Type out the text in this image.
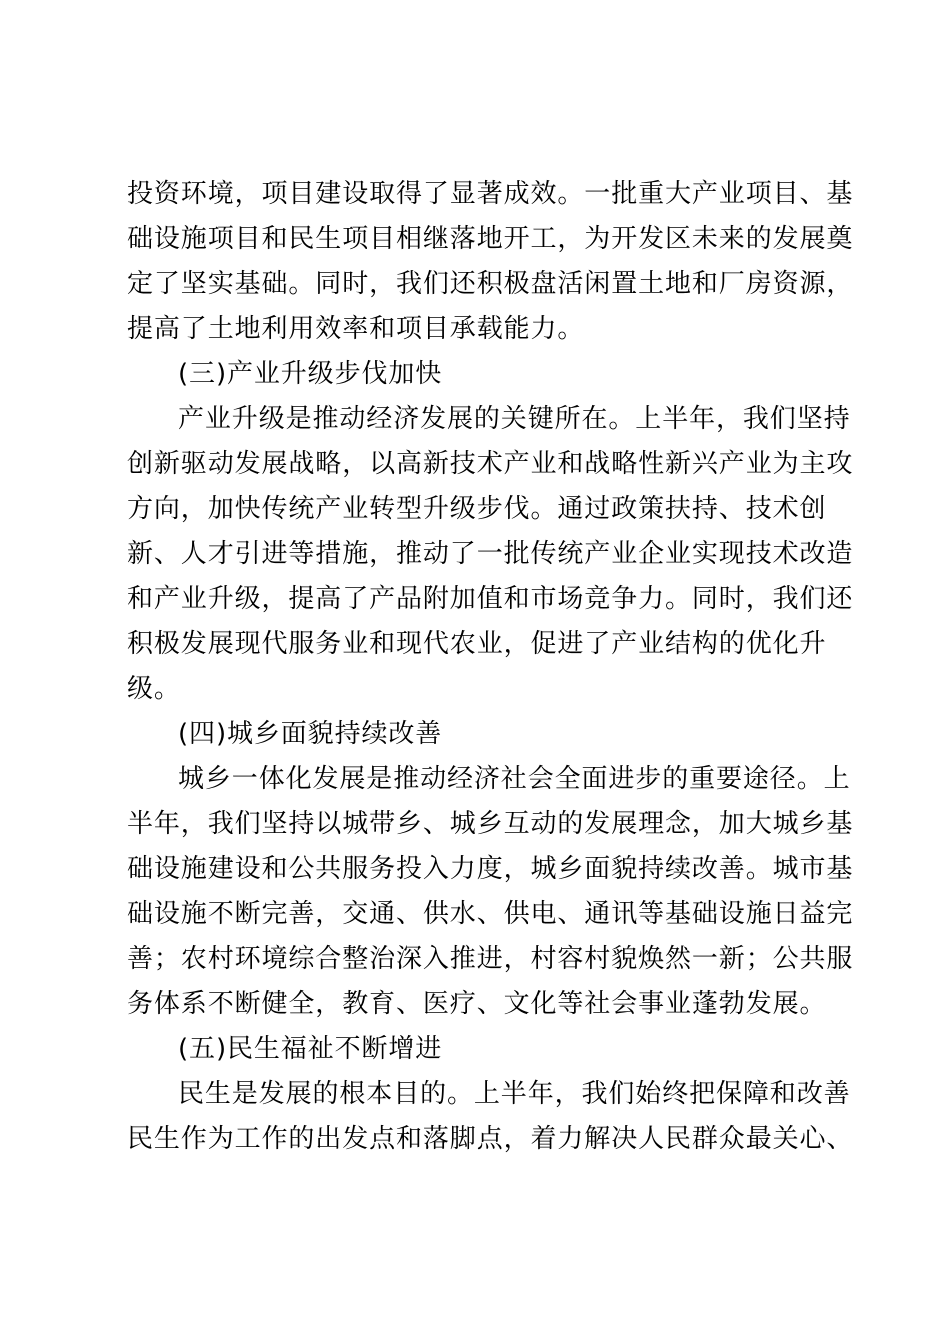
投资环境，项目建设取得了显著成效。一批重大产业项目、基
础设施项目和民生项目相继落地开工，为开发区未来的发展奠
定了坚实基础。同时，我们还积极盘活闲置土地和厂房资源，
提高了土地利用效率和项目承载能力。
(三)产业升级步伐加快
产业升级是推动经济发展的关键所在。上半年，我们坚持
创新驱动发展战略，以高新技术产业和战略性新兴产业为主攻
方向，加快传统产业转型升级步伐。通过政策扶持、技术创
新、人才引进等措施，推动了一批传统产业企业实现技术改造
和产业升级，提高了产品附加值和市场竞争力。同时，我们还
积极发展现代服务业和现代农业，促进了产业结构的优化升
级。
(四)城乡面貌持续改善
城乡一体化发展是推动经济社会全面进步的重要途径。上
半年，我们坚持以城带乡、城乡互动的发展理念，加大城乡基
础设施建设和公共服务投入力度，城乡面貌持续改善。城市基
础设施不断完善，交通、供水、供电、通讯等基础设施日益完
善；农村环境综合整治深入推进，村容村貌焕然一新；公共服
务体系不断健全，教育、医疗、文化等社会事业蓬勃发展。
(五)民生福祉不断增进
民生是发展的根本目的。上半年，我们始终把保障和改善
民生作为工作的出发点和落脚点，着力解决人民群众最关心、
